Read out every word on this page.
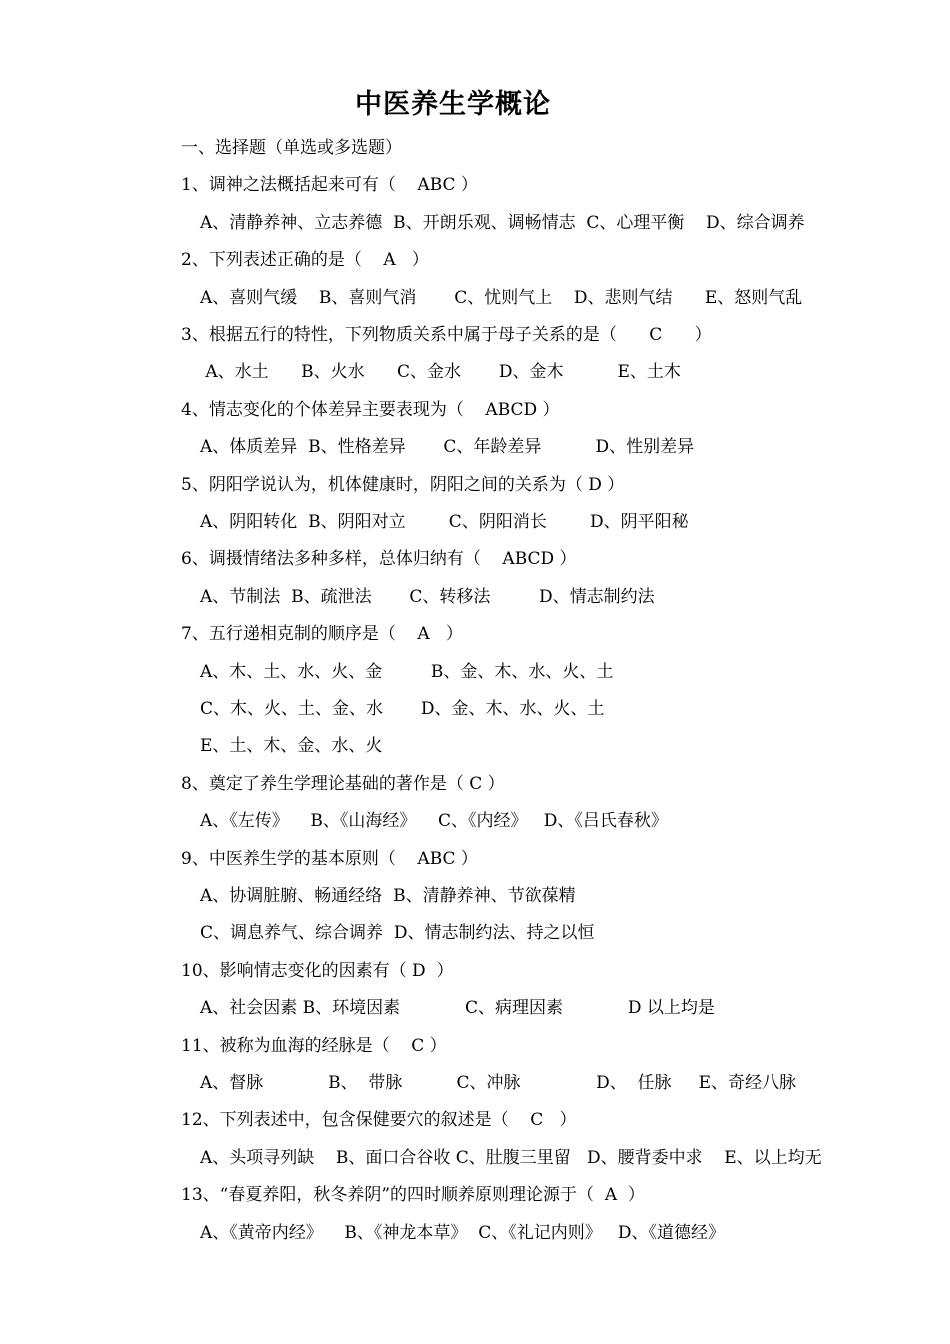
中医养生学概论
一、选择题（单选或多选题）
1、调神之法概括起来可有（    ABC ）
A、清静养神、立志养德  B、开朗乐观、调畅情志  C、心理平衡    D、综合调养
2、下列表述正确的是（    A   ）
A、喜则气缓    B、喜则气消       C、忧则气上    D、悲则气结      E、怒则气乱
3、根据五行的特性，下列物质关系中属于母子关系的是（      C      ）
A、水土      B、火水      C、金水       D、金木          E、土木
4、情志变化的个体差异主要表现为（    ABCD ）
A、体质差异  B、性格差异       C、年龄差异          D、性别差异
5、阴阳学说认为，机体健康时，阴阳之间的关系为（ D ）
A、阴阳转化  B、阴阳对立        C、阴阳消长        D、阴平阳秘
6、调摄情绪法多种多样，总体归纳有（    ABCD ）
A、节制法  B、疏泄法       C、转移法         D、情志制约法
7、五行递相克制的顺序是（    A   ）
A、木、土、水、火、金         B、金、木、水、火、土
C、木、火、土、金、水       D、金、木、水、火、土
E、土、木、金、水、火
8、奠定了养生学理论基础的著作是（ C ）
A、《左传》    B、《山海经》    C、《内经》   D、《吕氏春秋》
9、中医养生学的基本原则（    ABC ）
A、协调脏腑、畅通经络  B、清静养神、节欲葆精
C、调息养气、综合调养  D、情志制约法、持之以恒
10、影响情志变化的因素有（ D  ）
A、社会因素 B、环境因素            C、病理因素            D 以上均是
11、被称为血海的经脉是（    C ）
A、督脉            B、  带脉          C、冲脉              D、  任脉     E、奇经八脉
12、下列表述中，包含保健要穴的叙述是（    C   ）
A、头项寻列缺    B、面口合谷收 C、肚腹三里留   D、腰背委中求    E、以上均无
13、“春夏养阳，秋冬养阴”的四时顺养原则理论源于（  A  ）
A、《黄帝内经》    B、《神龙本草》  C、《礼记内则》   D、《道德经》
